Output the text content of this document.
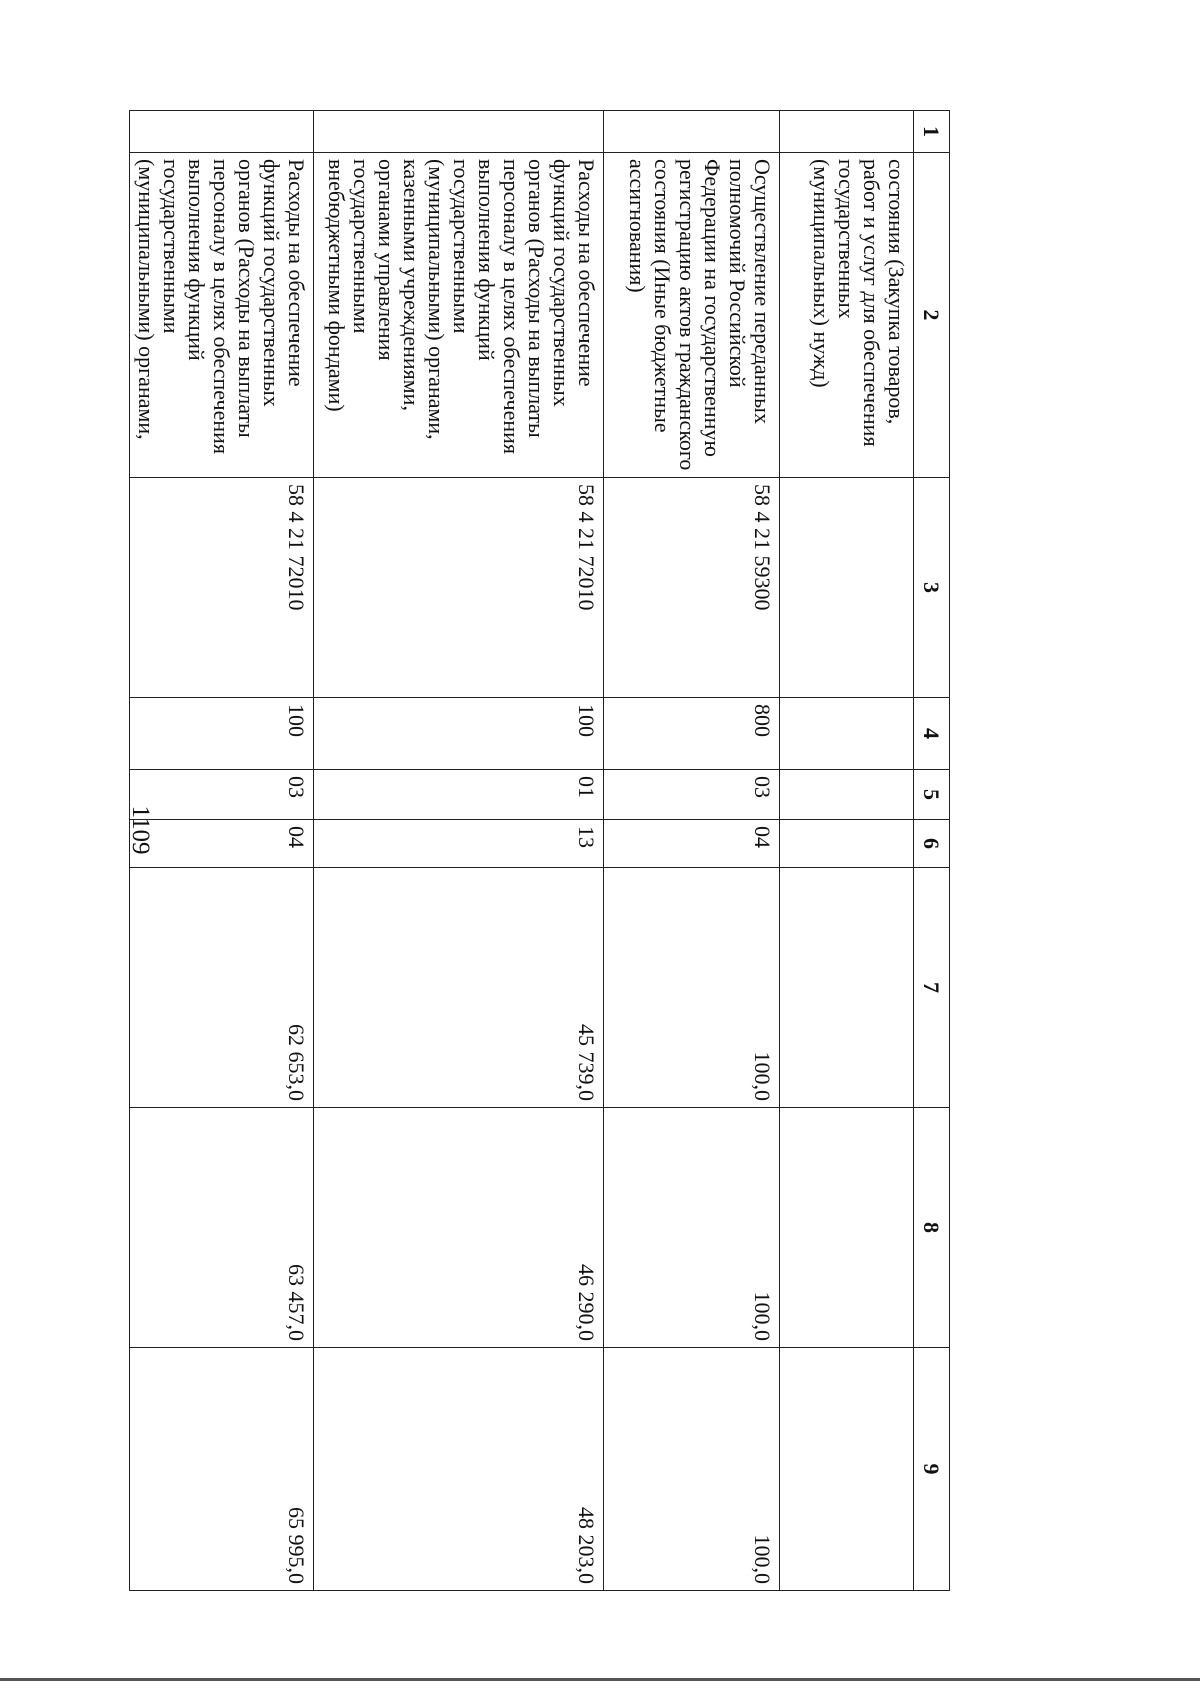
1109
1	2	3	4	5	6	7	8	9
	состояния (Закупка товаров, работ и услуг для обеспечения государственных (муниципальных) нужд)							
	Осуществление переданных полномочий Российской Федерации на государственную регистрацию актов гражданского состояния (Иные бюджетные ассигнования)	58 4 21 59300	800	03	04	100,0	100,0	100,0
	Расходы на обеспечение функций государственных органов (Расходы на выплаты персоналу в целях обеспечения выполнения функций государственными (муниципальными) органами, казенными учреждениями, органами управления государственными внебюджетными фондами)	58 4 21 72010	100	01	13	45 739,0	46 290,0	48 203,0
	Расходы на обеспечение функций государственных органов (Расходы на выплаты персоналу в целях обеспечения выполнения функций государственными (муниципальными) органами,	58 4 21 72010	100	03	04	62 653,0	63 457,0	65 995,0
